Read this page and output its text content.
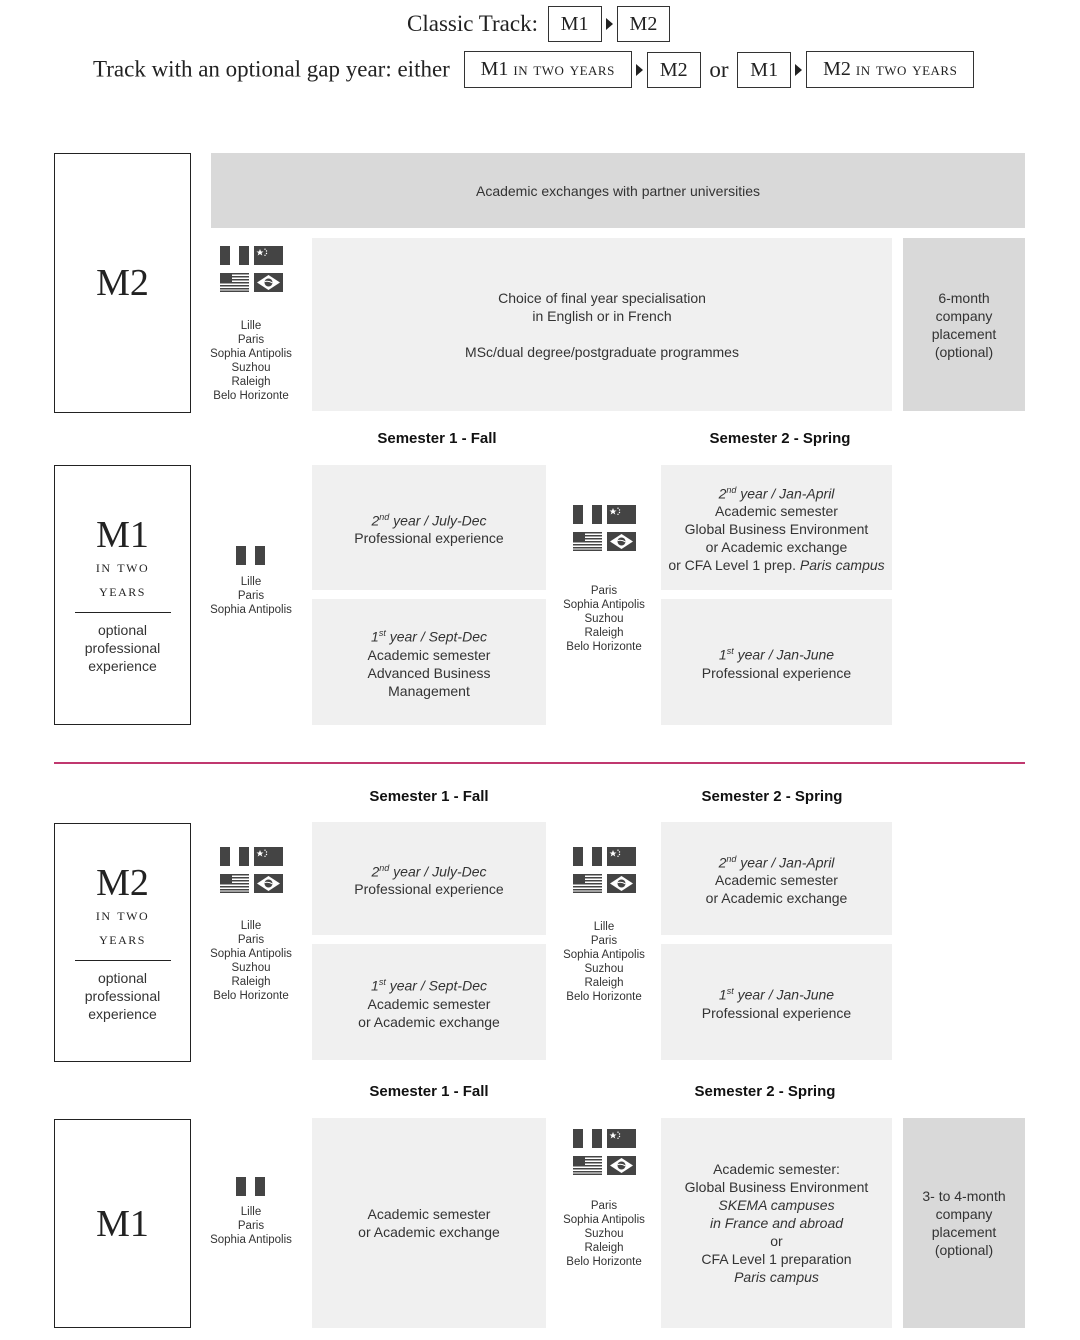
Classic Track: M1 M2
Track with an optional gap year: either M1 in two years M2 or M1 M2 in two years
M2
Academic exchanges with partner universities
Lille
Paris
Sophia Antipolis
Suzhou
Raleigh
Belo Horizonte
Choice of final year specialisation
in English or in French
MSc/dual degree/postgraduate programmes
6-month
company
placement
(optional)
Semester 1 - Fall	Semester 2 - Spring
M1
in two
years
optional
professional
experience
Lille
Paris
Sophia Antipolis
2nd year / July-Dec
Professional experience
1st year / Sept-Dec
Academic semester
Advanced Business
Management
Paris
Sophia Antipolis
Suzhou
Raleigh
Belo Horizonte
2nd year / Jan-April
Academic semester
Global Business Environment
or Academic exchange
or CFA Level 1 prep. Paris campus
1st year / Jan-June
Professional experience
Semester 1 - Fall	Semester 2 - Spring
M2
in two
years
optional
professional
experience
Lille
Paris
Sophia Antipolis
Suzhou
Raleigh
Belo Horizonte
2nd year / July-Dec
Professional experience
1st year / Sept-Dec
Academic semester
or Academic exchange
Lille
Paris
Sophia Antipolis
Suzhou
Raleigh
Belo Horizonte
2nd year / Jan-April
Academic semester
or Academic exchange
1st year / Jan-June
Professional experience
Semester 1 - Fall	Semester 2 - Spring
M1	Lille
Paris
Sophia Antipolis
Academic semester
or Academic exchange
Paris
Sophia Antipolis
Suzhou
Raleigh
Belo Horizonte
Academic semester:
Global Business Environment
SKEMA campuses
in France and abroad
or
CFA Level 1 preparation
Paris campus
3- to 4-month
company
placement
(optional)
